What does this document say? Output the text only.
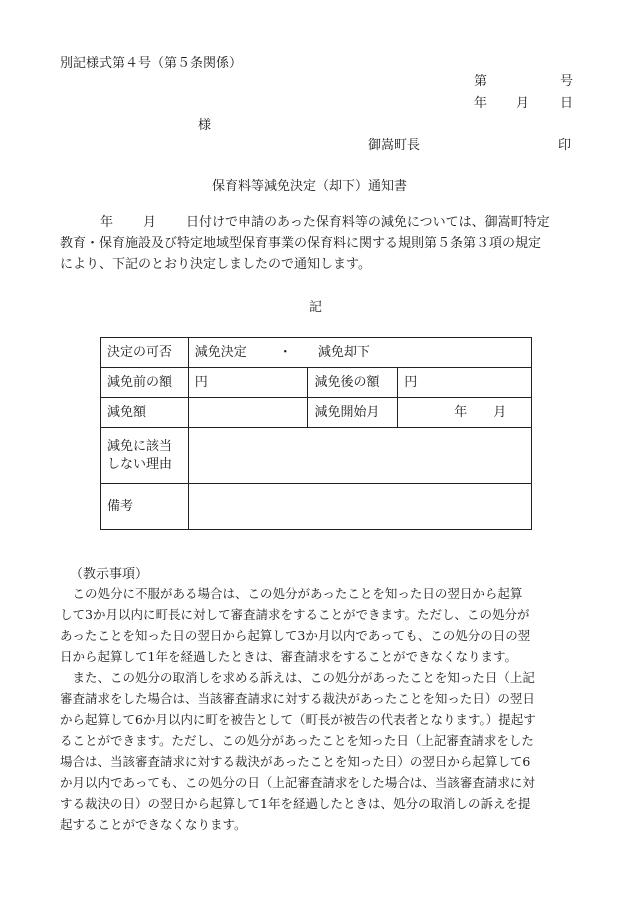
別記様式第４号（第５条関係）
第	号
年 月 日
様
御嵩町長	印
保育料等減免決定（却下）通知書
年 月 日付けで申請のあった保育料等の減免については、御嵩町特定
教育・保育施設及び特定地域型保育事業の保育料に関する規則第５条第３項の規定
により、下記のとおり決定しましたので通知します。
記
決定の可否	減免決定 ・ 減免却下		
減免前の額	円	減免後の額	円
減免額		減免開始月	年 月

減免に該当
しない理由			

備考			
（教示事項）
　この処分に不服がある場合は、この処分があったことを知った日の翌日から起算
して3か月以内に町長に対して審査請求をすることができます。ただし、この処分が
あったことを知った日の翌日から起算して3か月以内であっても、この処分の日の翌
日から起算して1年を経過したときは、審査請求をすることができなくなります。
　また、この処分の取消しを求める訴えは、この処分があったことを知った日（上記
審査請求をした場合は、当該審査請求に対する裁決があったことを知った日）の翌日
から起算して6か月以内に町を被告として（町長が被告の代表者となります。）提起す
ることができます。ただし、この処分があったことを知った日（上記審査請求をした
場合は、当該審査請求に対する裁決があったことを知った日）の翌日から起算して6
か月以内であっても、この処分の日（上記審査請求をした場合は、当該審査請求に対
する裁決の日）の翌日から起算して1年を経過したときは、処分の取消しの訴えを提
起することができなくなります。
